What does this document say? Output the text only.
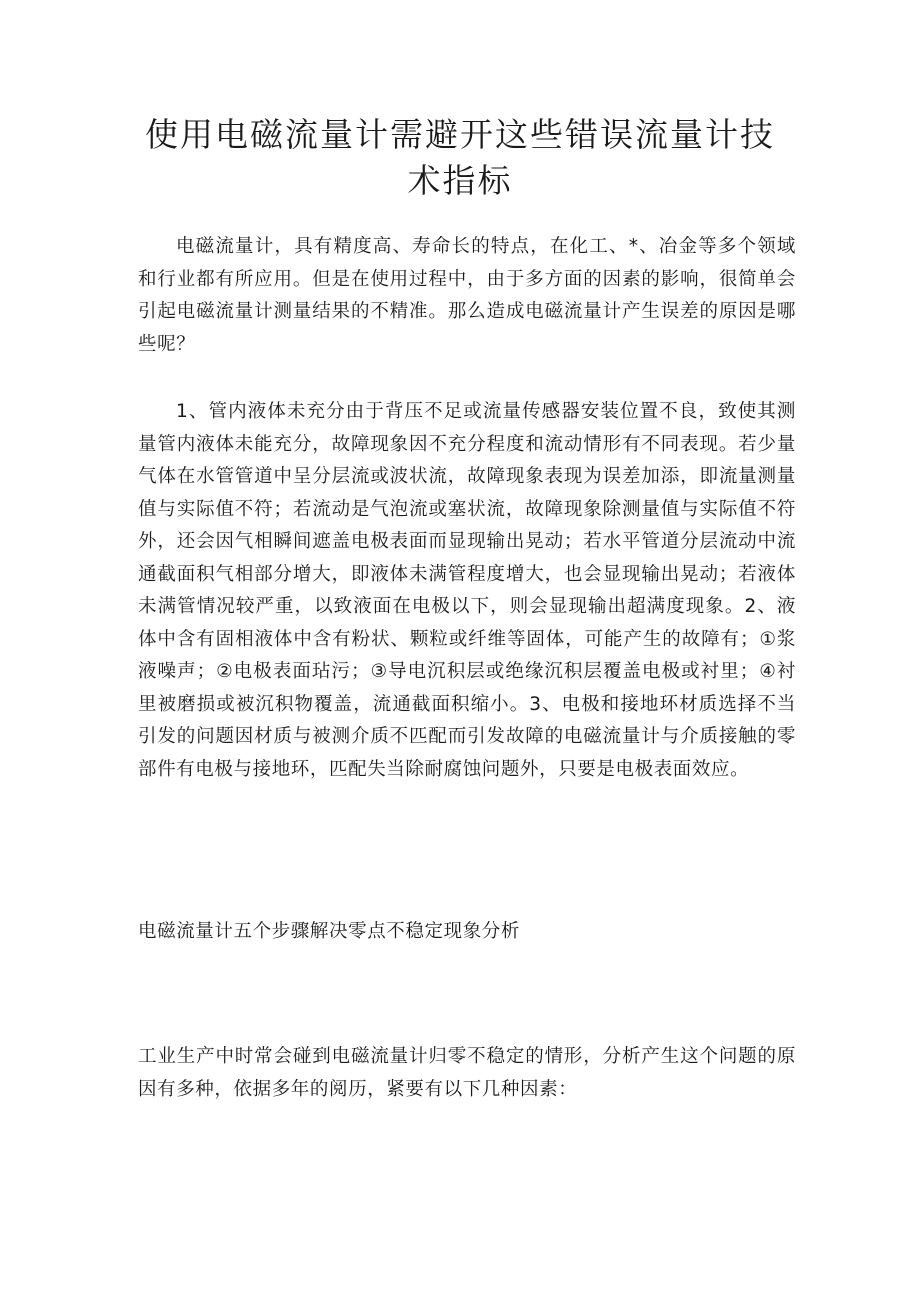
使用电磁流量计需避开这些错误流量计技术指标

电磁流量计，具有精度高、寿命长的特点，在化工、*、冶金等多个领域和行业都有所应用。但是在使用过程中，由于多方面的因素的影响，很简单会引起电磁流量计测量结果的不精准。那么造成电磁流量计产生误差的原因是哪些呢？

1、管内液体未充分由于背压不足或流量传感器安装位置不良，致使其测量管内液体未能充分，故障现象因不充分程度和流动情形有不同表现。若少量气体在水管管道中呈分层流或波状流，故障现象表现为误差加添，即流量测量值与实际值不符；若流动是气泡流或塞状流，故障现象除测量值与实际值不符外，还会因气相瞬间遮盖电极表面而显现输出晃动；若水平管道分层流动中流通截面积气相部分增大，即液体未满管程度增大，也会显现输出晃动；若液体未满管情况较严重，以致液面在电极以下，则会显现输出超满度现象。2、液体中含有固相液体中含有粉状、颗粒或纤维等固体，可能产生的故障有；①浆液噪声；②电极表面玷污；③导电沉积层或绝缘沉积层覆盖电极或衬里；④衬里被磨损或被沉积物覆盖，流通截面积缩小。3、电极和接地环材质选择不当引发的问题因材质与被测介质不匹配而引发故障的电磁流量计与介质接触的零部件有电极与接地环，匹配失当除耐腐蚀问题外，只要是电极表面效应。

电磁流量计五个步骤解决零点不稳定现象分析

工业生产中时常会碰到电磁流量计归零不稳定的情形，分析产生这个问题的原因有多种，依据多年的阅历，紧要有以下几种因素：
